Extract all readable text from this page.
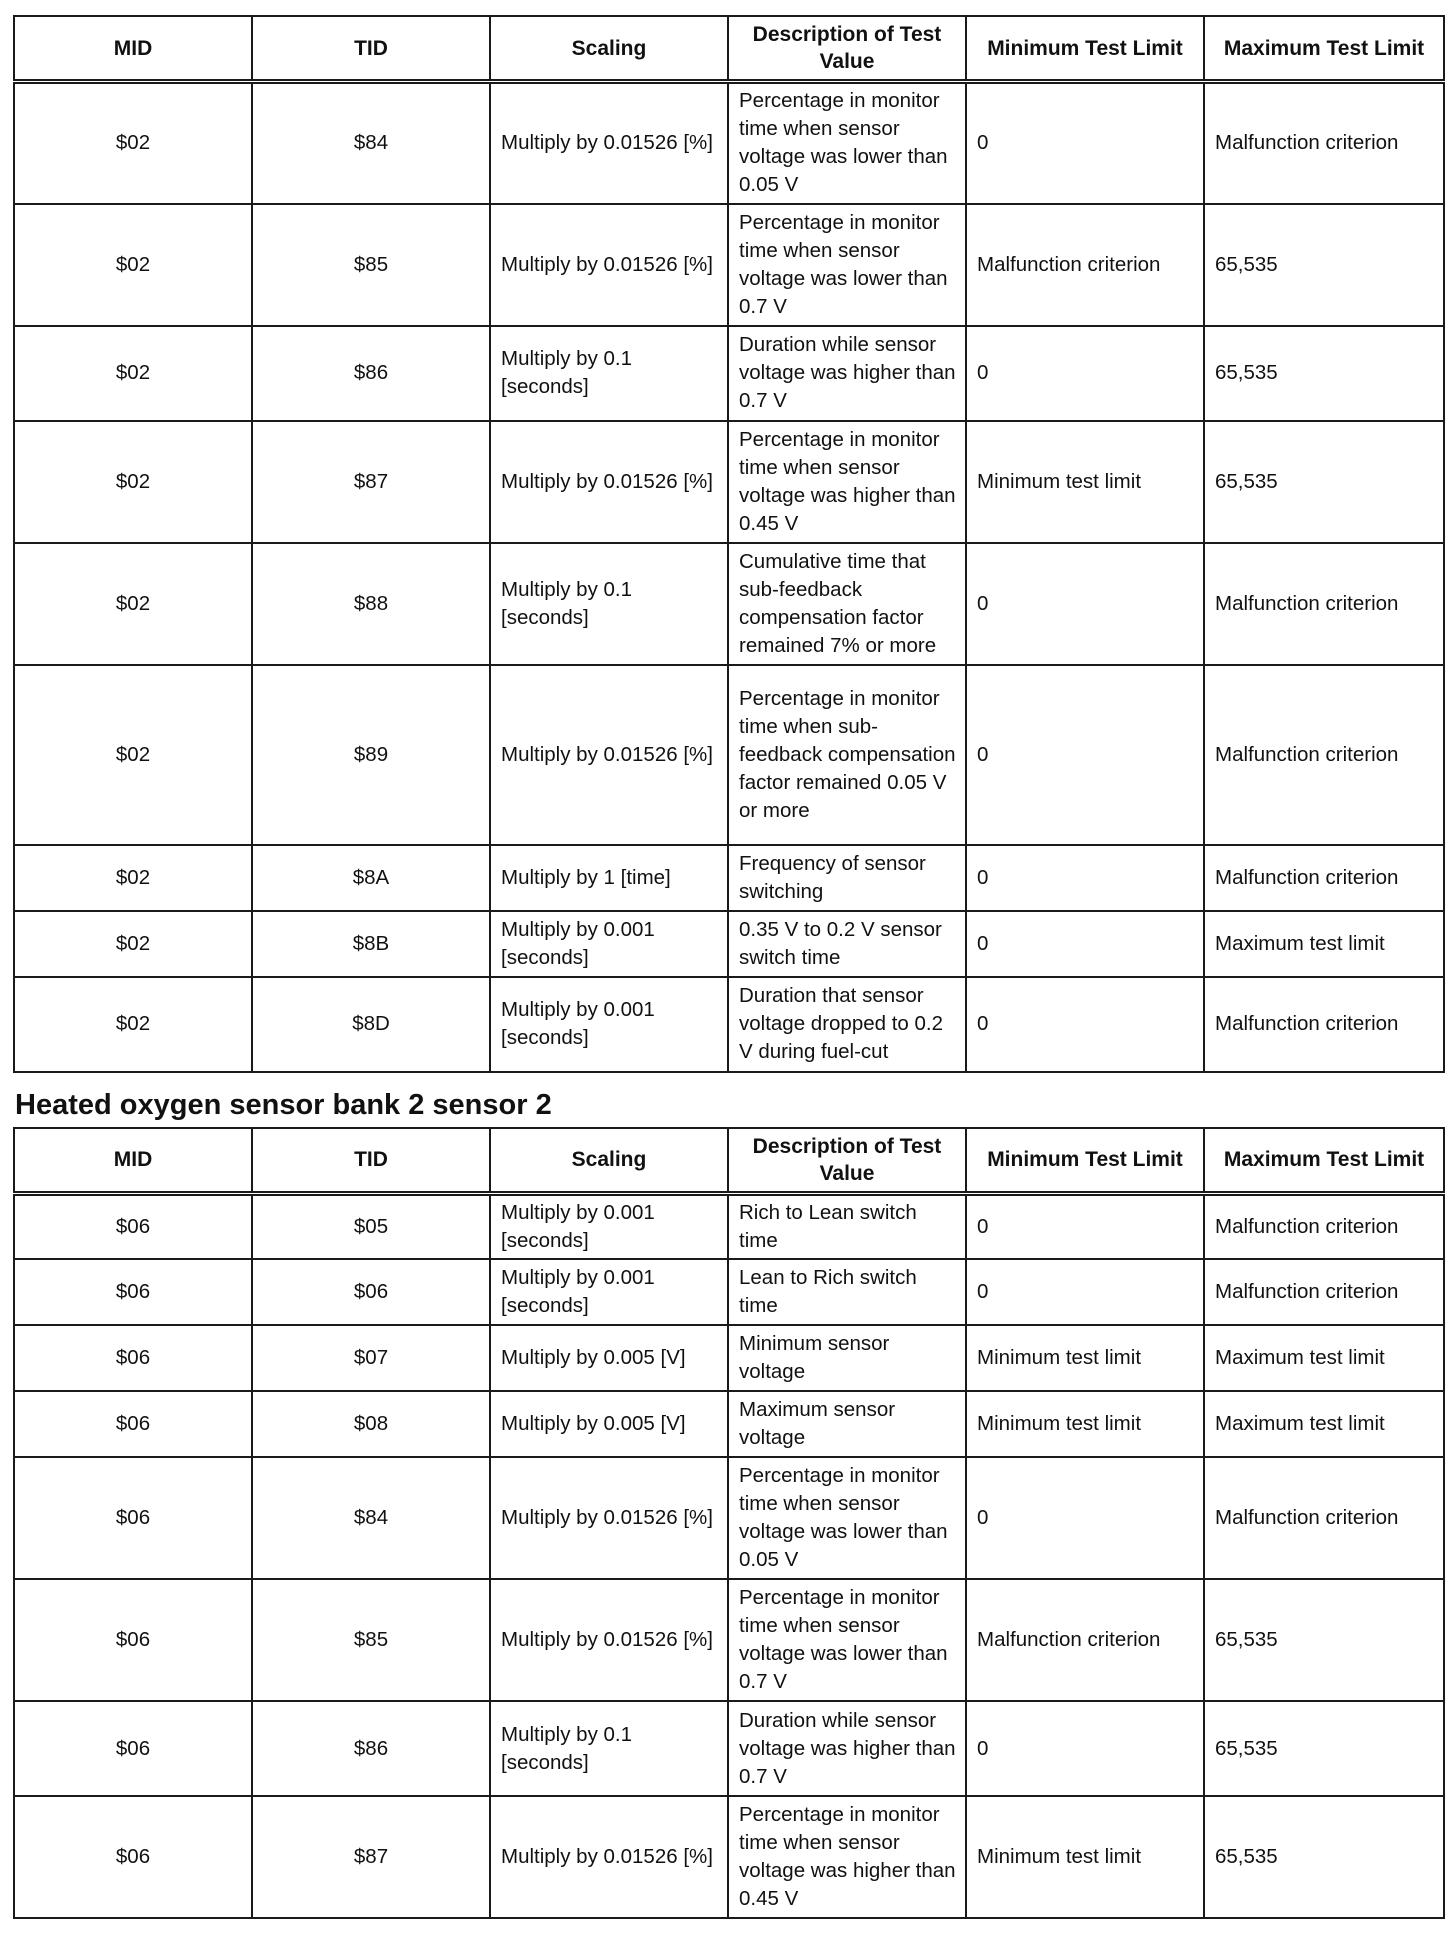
MID	TID	Scaling	Description of Test Value	Minimum Test Limit	Maximum Test Limit
$02	$84	Multiply by 0.01526 [%]	Percentage in monitor time when sensor voltage was lower than 0.05 V	0	Malfunction criterion
$02	$85	Multiply by 0.01526 [%]	Percentage in monitor time when sensor voltage was lower than 0.7 V	Malfunction criterion	65,535
$02	$86	Multiply by 0.1 [seconds]	Duration while sensor voltage was higher than 0.7 V	0	65,535
$02	$87	Multiply by 0.01526 [%]	Percentage in monitor time when sensor voltage was higher than 0.45 V	Minimum test limit	65,535
$02	$88	Multiply by 0.1 [seconds]	Cumulative time that sub-feedback compensation factor remained 7% or more	0	Malfunction criterion
$02	$89	Multiply by 0.01526 [%]	Percentage in monitor time when sub-feedback compensation factor remained 0.05 V or more	0	Malfunction criterion
$02	$8A	Multiply by 1 [time]	Frequency of sensor switching	0	Malfunction criterion
$02	$8B	Multiply by 0.001 [seconds]	0.35 V to 0.2 V sensor switch time	0	Maximum test limit
$02	$8D	Multiply by 0.001 [seconds]	Duration that sensor voltage dropped to 0.2 V during fuel-cut	0	Malfunction criterion
Heated oxygen sensor bank 2 sensor 2
MID	TID	Scaling	Description of Test Value	Minimum Test Limit	Maximum Test Limit
$06	$05	Multiply by 0.001 [seconds]	Rich to Lean switch time	0	Malfunction criterion
$06	$06	Multiply by 0.001 [seconds]	Lean to Rich switch time	0	Malfunction criterion
$06	$07	Multiply by 0.005 [V]	Minimum sensor voltage	Minimum test limit	Maximum test limit
$06	$08	Multiply by 0.005 [V]	Maximum sensor voltage	Minimum test limit	Maximum test limit
$06	$84	Multiply by 0.01526 [%]	Percentage in monitor time when sensor voltage was lower than 0.05 V	0	Malfunction criterion
$06	$85	Multiply by 0.01526 [%]	Percentage in monitor time when sensor voltage was lower than 0.7 V	Malfunction criterion	65,535
$06	$86	Multiply by 0.1 [seconds]	Duration while sensor voltage was higher than 0.7 V	0	65,535
$06	$87	Multiply by 0.01526 [%]	Percentage in monitor time when sensor voltage was higher than 0.45 V	Minimum test limit	65,535
